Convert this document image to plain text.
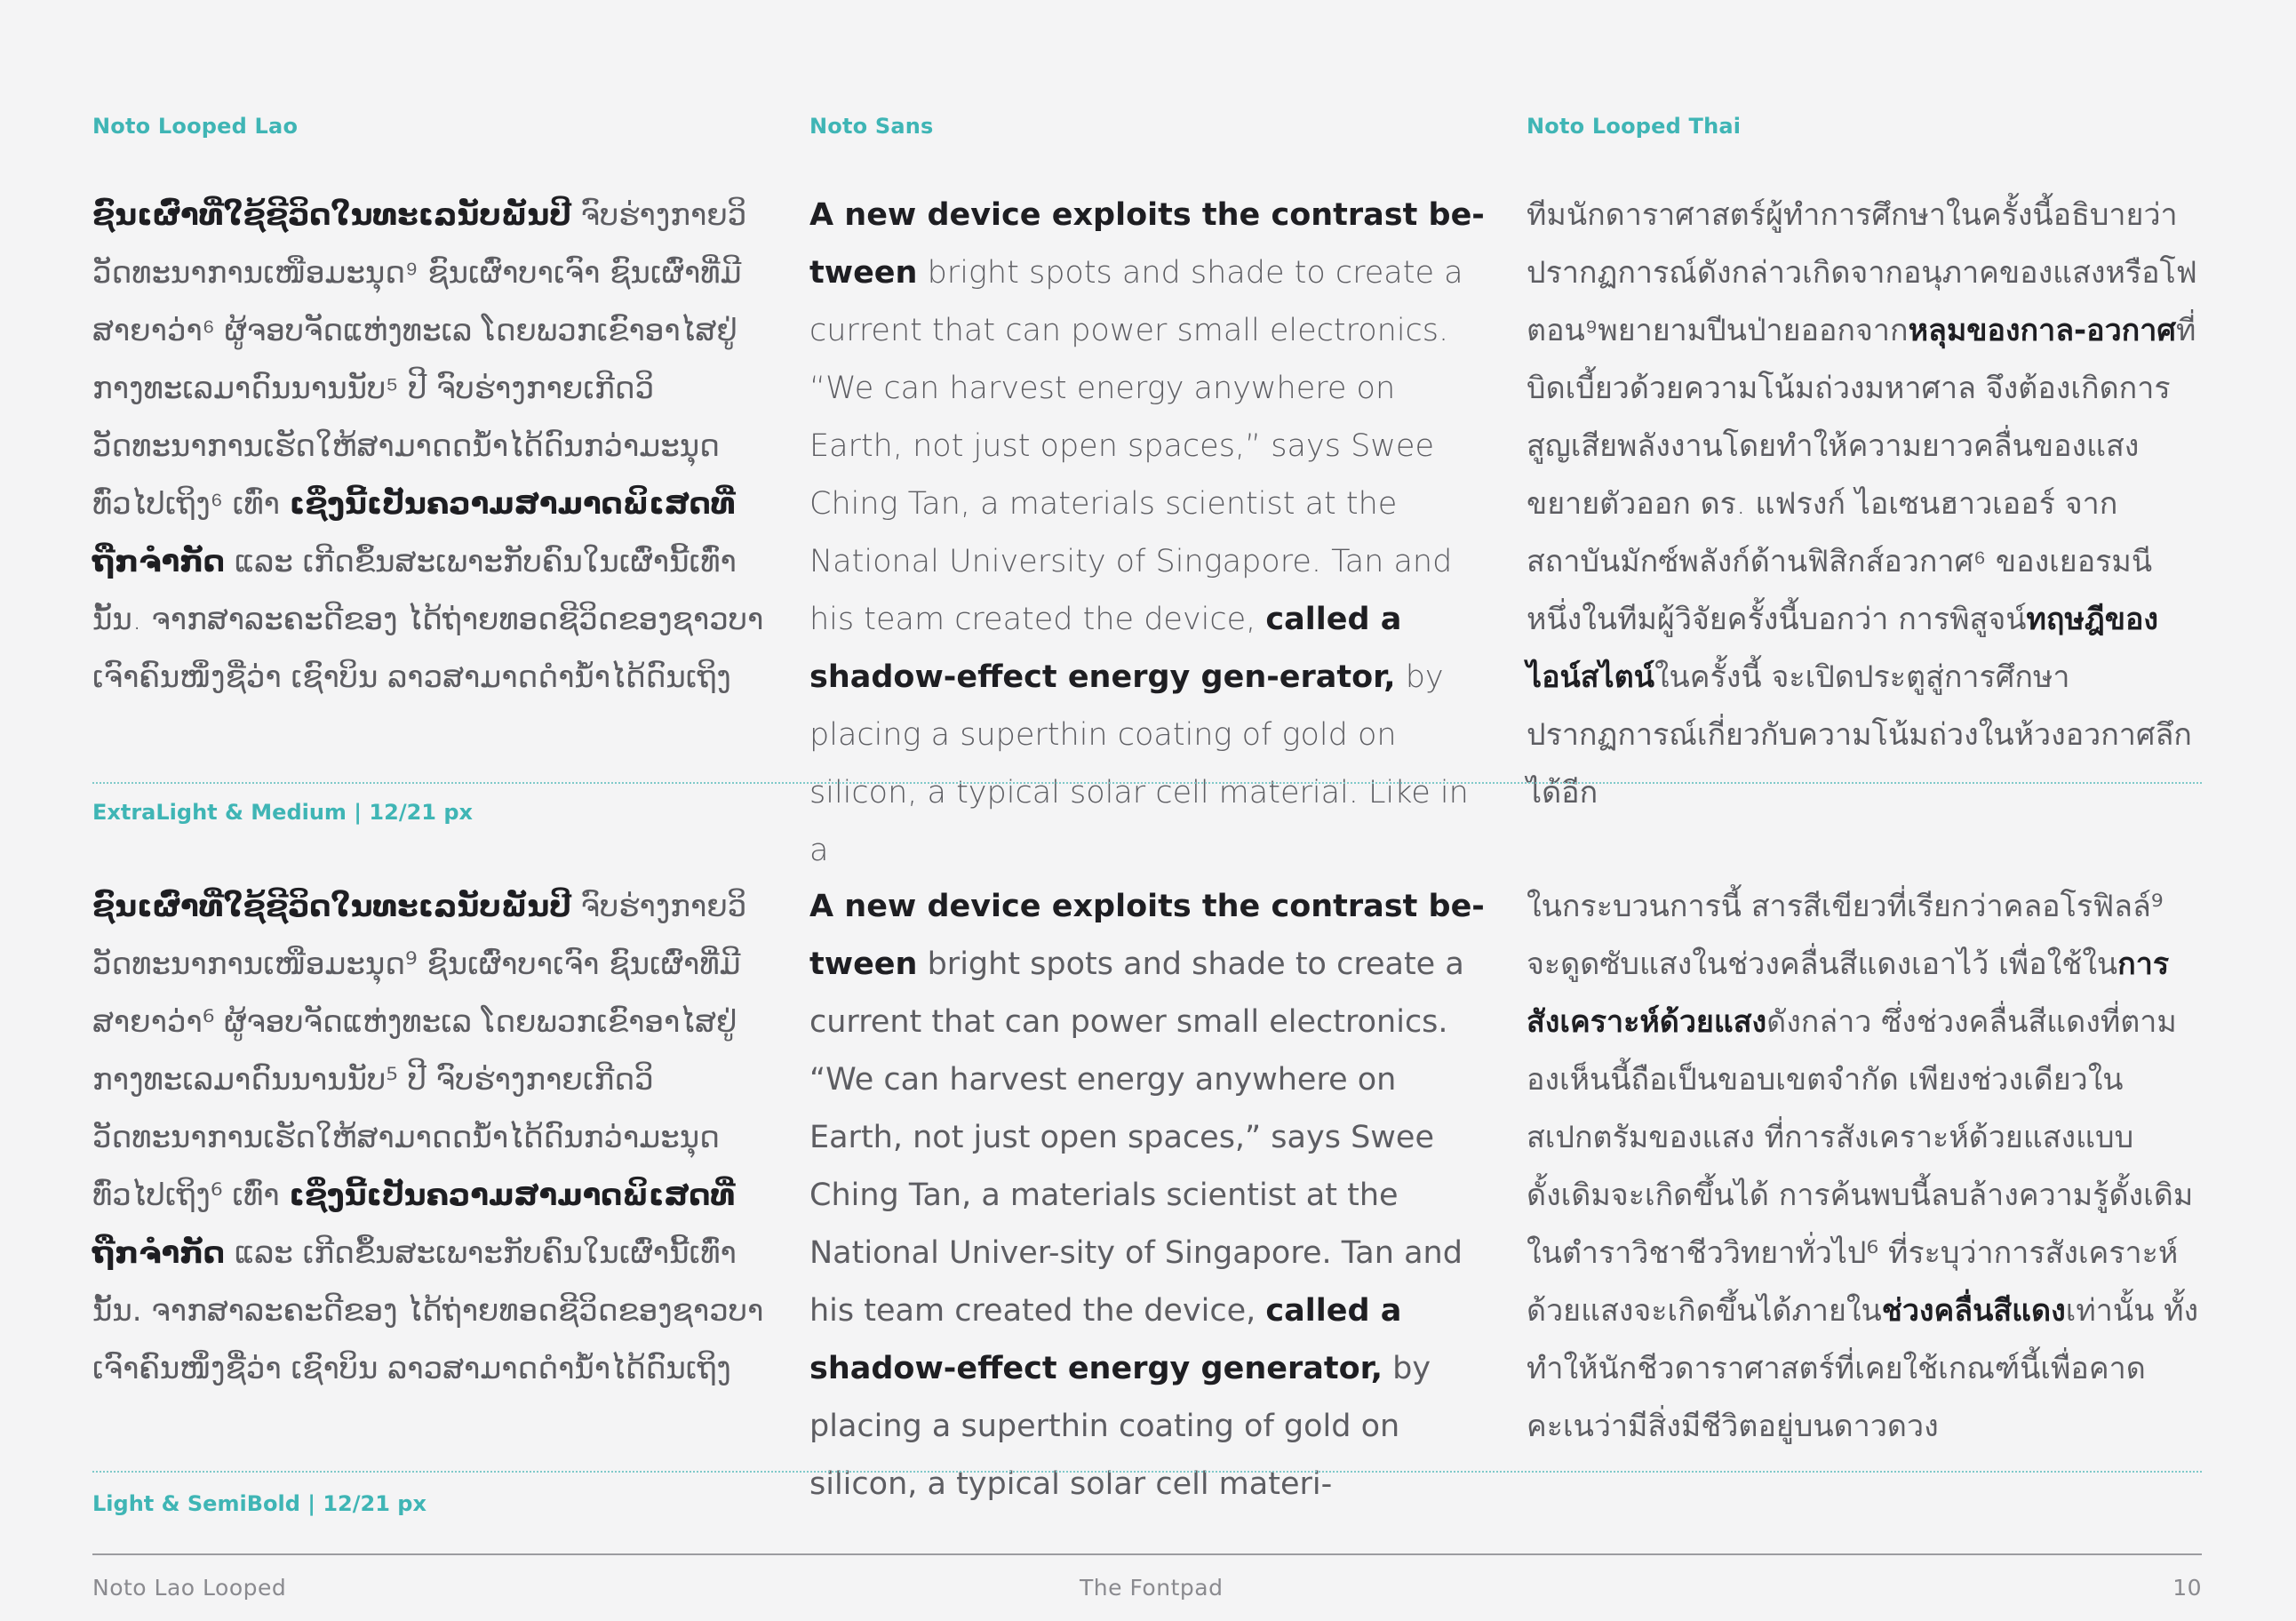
Noto Looped Lao	Noto Sans	Noto Looped Thai
ຊົນເຜົ່າທີ່ໃຊ້ຊີວິດໃນທະເລນັບພັນປີ ຈົບຮ່າງກາຍວິວັດທະນາການເໜືອມະນຸດ⁹ ຊົນເຜົ່າບາເຈົາ ຊົນເຜົ່າທີ່ມີສາຍາວ່າ⁶ ຜູ້ຈອບຈັດແຫ່ງທະເລ ໂດຍພວກເຂົາອາໄສຢູ່ກາງທະເລມາດົນນານນັບ⁵ ປີ ຈົບຮ່າງກາຍເກີດວິວັດທະນາການເຮັດໃຫ້ສາມາດດນ້ຳໄດ້ດົນກວ່າມະນຸດທົ່ວໄປເຖິງ⁶ ເທົ່າ ເຊິ່ງນີ້ເປັນຄວາມສາມາດພິເສດທີ່ຖືກຈຳກັດ ແລະ ເກີດຂຶ້ນສະເພາະກັບຄົນໃນເຜົ່ານີ້ເທົ່ານັ້ນ. ຈາກສາລະຄະດີຂອງ ໄດ້ຖ່າຍທອດຊີວິດຂອງຊາວບາເຈົາຄົນໜຶ່ງຊື່ວ່າ ເຊົາບິນ ລາວສາມາດດຳນ້ຳໄດ້ດົນເຖິງ
A new device exploits the contrast be-tween bright spots and shade to create a current that can power small electronics. “We can harvest energy anywhere on Earth, not just open spaces,” says Swee Ching Tan, a materials scientist at the National University of Singapore. Tan and his team created the device, called a shadow-effect energy gen-erator, by placing a superthin coating of gold on silicon, a typical solar cell material. Like in a
ทีมนักดาราศาสตร์ผู้ทำการศึกษาในครั้งนี้อธิบายว่าปรากฏการณ์ดังกล่าวเกิดจากอนุภาคของแสงหรือโฟตอน⁹พยายามปีนป่ายออกจากหลุมของกาล-อวกาศที่บิดเบี้ยวด้วยความโน้มถ่วงมหาศาล จึงต้องเกิดการสูญเสียพลังงานโดยทำให้ความยาวคลื่นของแสงขยายตัวออก ดร. แฟรงก์ ไอเซนฮาวเออร์ จากสถาบันมักซ์พลังก์ด้านฟิสิกส์อวกาศ⁶ ของเยอรมนี หนึ่งในทีมผู้วิจัยครั้งนี้บอกว่า การพิสูจน์ทฤษฎีของไอน์สไตน์ในครั้งนี้ จะเปิดประตูสู่การศึกษาปรากฏการณ์เกี่ยวกับความโน้มถ่วงในห้วงอวกาศลึกได้อีก
ExtraLight & Medium | 12/21 px
ຊົນເຜົ່າທີ່ໃຊ້ຊີວິດໃນທະເລນັບພັນປີ ຈົບຮ່າງກາຍວິວັດທະນາການເໜືອມະນຸດ⁹ ຊົນເຜົ່າບາເຈົາ ຊົນເຜົ່າທີ່ມີສາຍາວ່າ⁶ ຜູ້ຈອບຈັດແຫ່ງທະເລ ໂດຍພວກເຂົາອາໄສຢູ່ກາງທະເລມາດົນນານນັບ⁵ ປີ ຈົບຮ່າງກາຍເກີດວິວັດທະນາການເຮັດໃຫ້ສາມາດດນ້ຳໄດ້ດົນກວ່າມະນຸດທົ່ວໄປເຖິງ⁶ ເທົ່າ ເຊິ່ງນີ້ເປັນຄວາມສາມາດພິເສດທີ່ຖືກຈຳກັດ ແລະ ເກີດຂຶ້ນສະເພາະກັບຄົນໃນເຜົ່ານີ້ເທົ່ານັ້ນ. ຈາກສາລະຄະດີຂອງ ໄດ້ຖ່າຍທອດຊີວິດຂອງຊາວບາເຈົາຄົນໜຶ່ງຊື່ວ່າ ເຊົາບິນ ລາວສາມາດດຳນ້ຳໄດ້ດົນເຖິງ
A new device exploits the contrast be-tween bright spots and shade to create a current that can power small electronics. “We can harvest energy anywhere on Earth, not just open spaces,” says Swee Ching Tan, a materials scientist at the National Univer-sity of Singapore. Tan and his team created the device, called a shadow-effect energy generator, by placing a superthin coating of gold on silicon, a typical solar cell materi-
ในกระบวนการนี้ สารสีเขียวที่เรียกว่าคลอโรฟิลล์⁹ จะดูดซับแสงในช่วงคลื่นสีแดงเอาไว้ เพื่อใช้ในการสังเคราะห์ด้วยแสงดังกล่าว ซึ่งช่วงคลื่นสีแดงที่ตามองเห็นนี้ถือเป็นขอบเขตจำกัด เพียงช่วงเดียวในสเปกตรัมของแสง ที่การสังเคราะห์ด้วยแสงแบบดั้งเดิมจะเกิดขึ้นได้ การค้นพบนี้ลบล้างความรู้ดั้งเดิมในตำราวิชาชีววิทยาทั่วไป⁶ ที่ระบุว่าการสังเคราะห์ด้วยแสงจะเกิดขึ้นได้ภายในช่วงคลื่นสีแดงเท่านั้น ทั้งทำให้นักชีวดาราศาสตร์ที่เคยใช้เกณฑ์นี้เพื่อคาดคะเนว่ามีสิ่งมีชีวิตอยู่บนดาวดวง
Light & SemiBold | 12/21 px
Noto Lao Looped	The Fontpad	10
